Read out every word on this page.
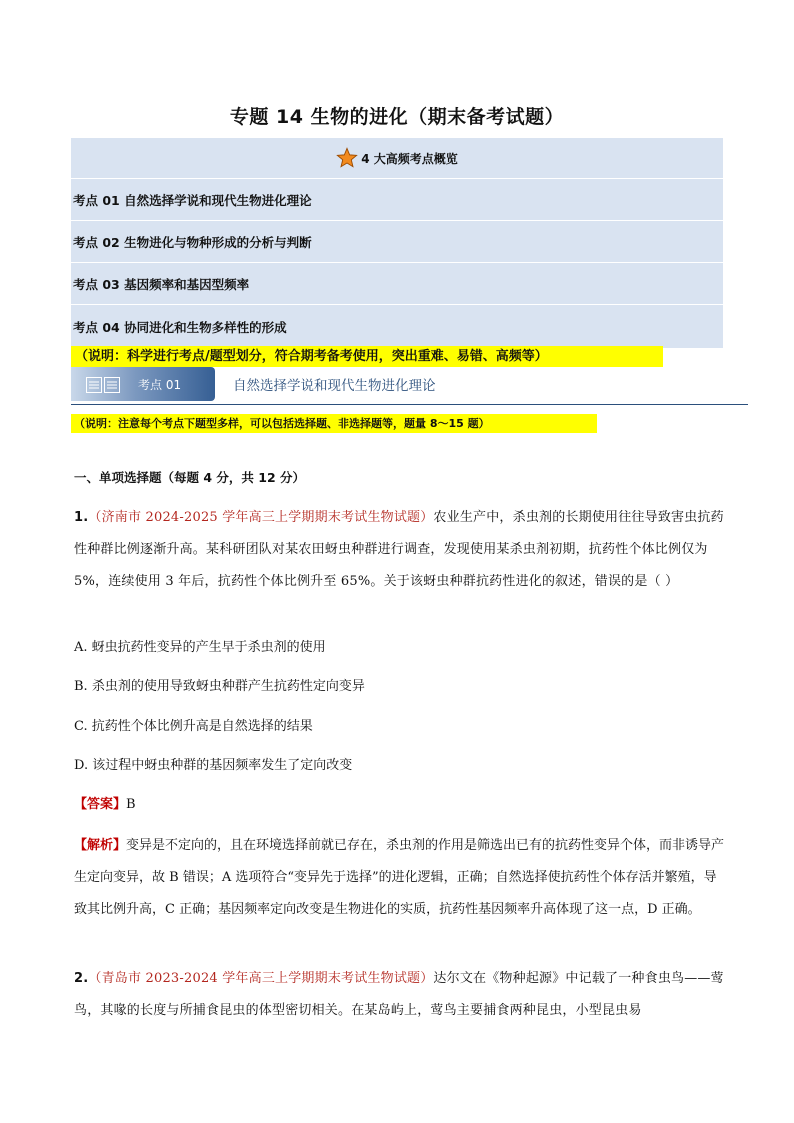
专题 14 生物的进化（期末备考试题）
4 大高频考点概览
考点 01 自然选择学说和现代生物进化理论
考点 02 生物进化与物种形成的分析与判断
考点 03 基因频率和基因型频率
考点 04 协同进化和生物多样性的形成
（说明：科学进行考点/题型划分，符合期考备考使用，突出重难、易错、高频等）
考点 01	自然选择学说和现代生物进化理论
（说明：注意每个考点下题型多样，可以包括选择题、非选择题等，题量 8～15 题）
一、单项选择题（每题 4 分，共 12 分）
1.（济南市 2024-2025 学年高三上学期期末考试生物试题）农业生产中，杀虫剂的长期使用往往导致害虫抗药性种群比例逐渐升高。某科研团队对某农田蚜虫种群进行调查，发现使用某杀虫剂初期，抗药性个体比例仅为 5%，连续使用 3 年后，抗药性个体比例升至 65%。关于该蚜虫种群抗药性进化的叙述，错误的是（ ）
A. 蚜虫抗药性变异的产生早于杀虫剂的使用
B. 杀虫剂的使用导致蚜虫种群产生抗药性定向变异
C. 抗药性个体比例升高是自然选择的结果
D. 该过程中蚜虫种群的基因频率发生了定向改变
【答案】B
【解析】变异是不定向的，且在环境选择前就已存在，杀虫剂的作用是筛选出已有的抗药性变异个体，而非诱导产生定向变异，故 B 错误；A 选项符合“变异先于选择”的进化逻辑，正确；自然选择使抗药性个体存活并繁殖，导致其比例升高，C 正确；基因频率定向改变是生物进化的实质，抗药性基因频率升高体现了这一点，D 正确。
2.（青岛市 2023-2024 学年高三上学期期末考试生物试题）达尔文在《物种起源》中记载了一种食虫鸟——莺鸟，其喙的长度与所捕食昆虫的体型密切相关。在某岛屿上，莺鸟主要捕食两种昆虫，小型昆虫易
